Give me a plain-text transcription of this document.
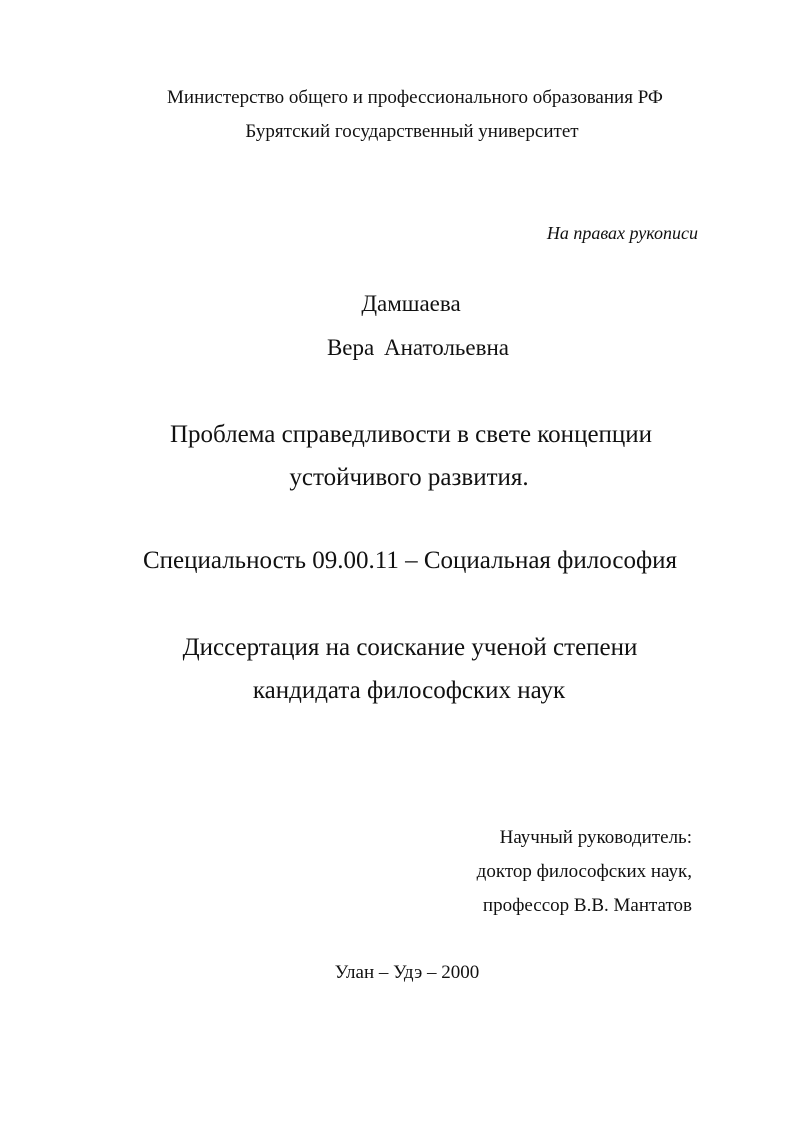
Министерство общего и профессионального образования РФ
Бурятский государственный университет
На правах рукописи
Дамшаева
Вера Анатольевна
Проблема справедливости в свете концепции
устойчивого развития.
Специальность 09.00.11 – Социальная философия
Диссертация на соискание ученой степени
кандидата философских наук
Научный руководитель:
доктор философских наук,
профессор В.В. Мантатов
Улан – Удэ – 2000
